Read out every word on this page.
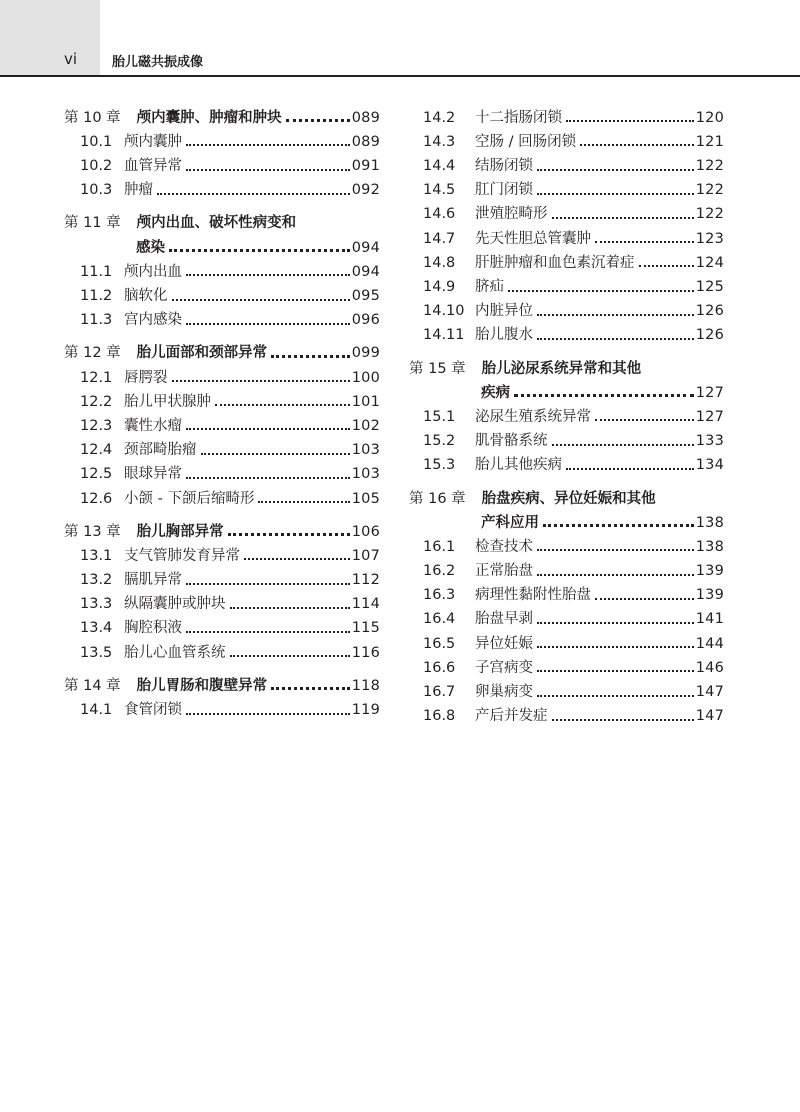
vi	胎儿磁共振成像
第 10 章 颅内囊肿、肿瘤和肿块	089
10.1 颅内囊肿	089
10.2 血管异常	091
10.3 肿瘤	092
第 11 章 颅内出血、破坏性病变和
感染	094
11.1 颅内出血	094
11.2 脑软化	095
11.3 宫内感染	096
第 12 章 胎儿面部和颈部异常	099
12.1 唇腭裂	100
12.2 胎儿甲状腺肿	101
12.3 囊性水瘤	102
12.4 颈部畸胎瘤	103
12.5 眼球异常	103
12.6 小颌 - 下颌后缩畸形	105
第 13 章 胎儿胸部异常	106
13.1 支气管肺发育异常	107
13.2 膈肌异常	112
13.3 纵隔囊肿或肿块	114
13.4 胸腔积液	115
13.5 胎儿心血管系统	116
第 14 章 胎儿胃肠和腹壁异常	118
14.1 食管闭锁	119
14.2	十二指肠闭锁	120
14.3	空肠 / 回肠闭锁	121
14.4	结肠闭锁	122
14.5	肛门闭锁	122
14.6	泄殖腔畸形	122
14.7	先天性胆总管囊肿	123
14.8	肝脏肿瘤和血色素沉着症	124
14.9	脐疝	125
14.10 内脏异位	126
14.11 胎儿腹水	126
第 15 章 胎儿泌尿系统异常和其他
疾病	127
15.1	泌尿生殖系统异常	127
15.2	肌骨骼系统	133
15.3	胎儿其他疾病	134
第 16 章 胎盘疾病、异位妊娠和其他
产科应用	138
16.1	检查技术	138
16.2	正常胎盘	139
16.3	病理性黏附性胎盘	139
16.4	胎盘早剥	141
16.5	异位妊娠	144
16.6	子宫病变	146
16.7	卵巢病变	147
16.8	产后并发症	147
